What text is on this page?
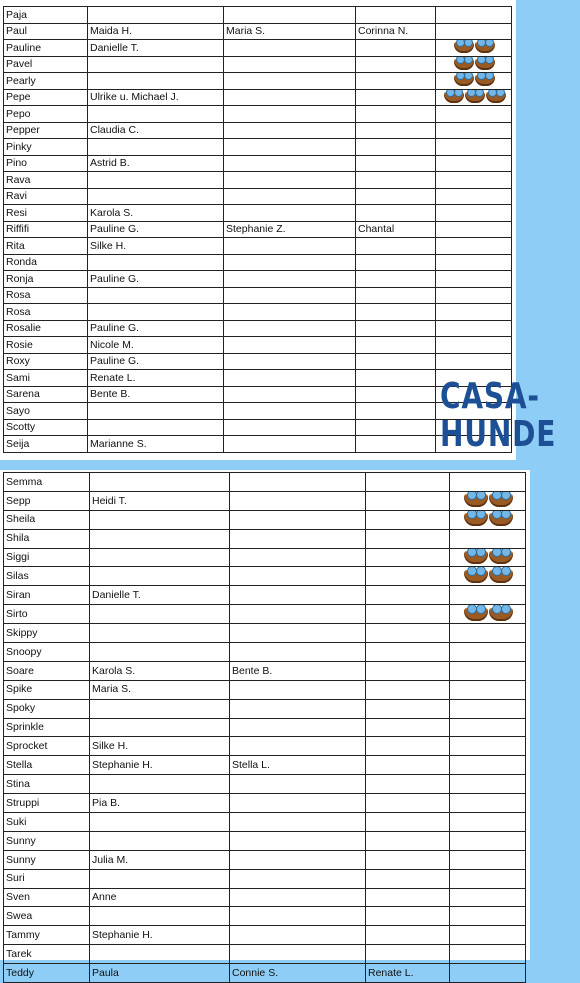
Paja				
Paul	Maida H.	Maria S.	Corinna N.	
Pauline	Danielle T.			

Pavel				

Pearly				

Pepe	Ulrike u. Michael J.			

Pepo				
Pepper	Claudia C.			
Pinky				
Pino	Astrid B.			
Rava				
Ravi				
Resi	Karola S.			
Riffifi	Pauline G.	Stephanie Z.	Chantal	
Rita	Silke H.			
Ronda				
Ronja	Pauline G.			
Rosa				
Rosa				
Rosalie	Pauline G.			
Rosie	Nicole M.			
Roxy	Pauline G.			
Sami	Renate L.			
Sarena	Bente B.			
Sayo				
Scotty				
Seija	Marianne S.			
Semma				
Sepp	Heidi T.			

Sheila				

Shila				
Siggi				

Silas				

Siran	Danielle T.			
Sirto				

Skippy				
Snoopy				
Soare	Karola S.	Bente B.		
Spike	Maria S.			
Spoky				
Sprinkle				
Sprocket	Silke H.			
Stella	Stephanie H.	Stella L.		
Stina				
Struppi	Pia B.			
Suki				
Sunny				
Sunny	Julia M.			
Suri				
Sven	Anne			
Swea				
Tammy	Stephanie H.			
Tarek				
Teddy	Paula	Connie S.	Renate L.	
CASA-
HUNDE
